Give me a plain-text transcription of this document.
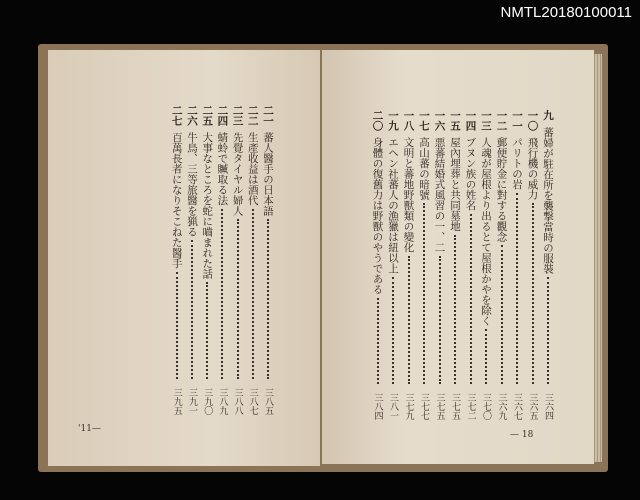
NMTL20180100011
'11—
二一
蕃人醫手の日本語
三八五
二二
生產收益は酒代
三八七
二三
先覺タイヤル婦人
三八八
二四
蜻蛉で贓取る法
三八九
二五
大事なところを蛇に嚙まれた話
三九〇
二六
牛鳥、三等旅醫を猟る
三九一
二七
百萬長者になりそこねた醫手
三九五
— 18
九
蕃婦が駐在所を襲撃當時の服裝
三六四
一〇
飛行機の威力
三六五
一一
パリトの岩
三六七
一二
郵便貯金に對する觀念
三六九
一三
人魂が屋根より出るとて屋根かやを除く
三七〇
一四
ブヌン族の姓名
三七二
一五
屋內埋葬と共同墓地
三七五
一六
悪蕃結婚式風習の一、二
三七五
一七
高山蕃の暗號
三七七
一八
文明と蕃地野獸類の變化
三七九
一九
エヘン社蕃人の漁獵は紐以上
三八一
二〇
身體の復舊力は野獸のやうである
三八四
